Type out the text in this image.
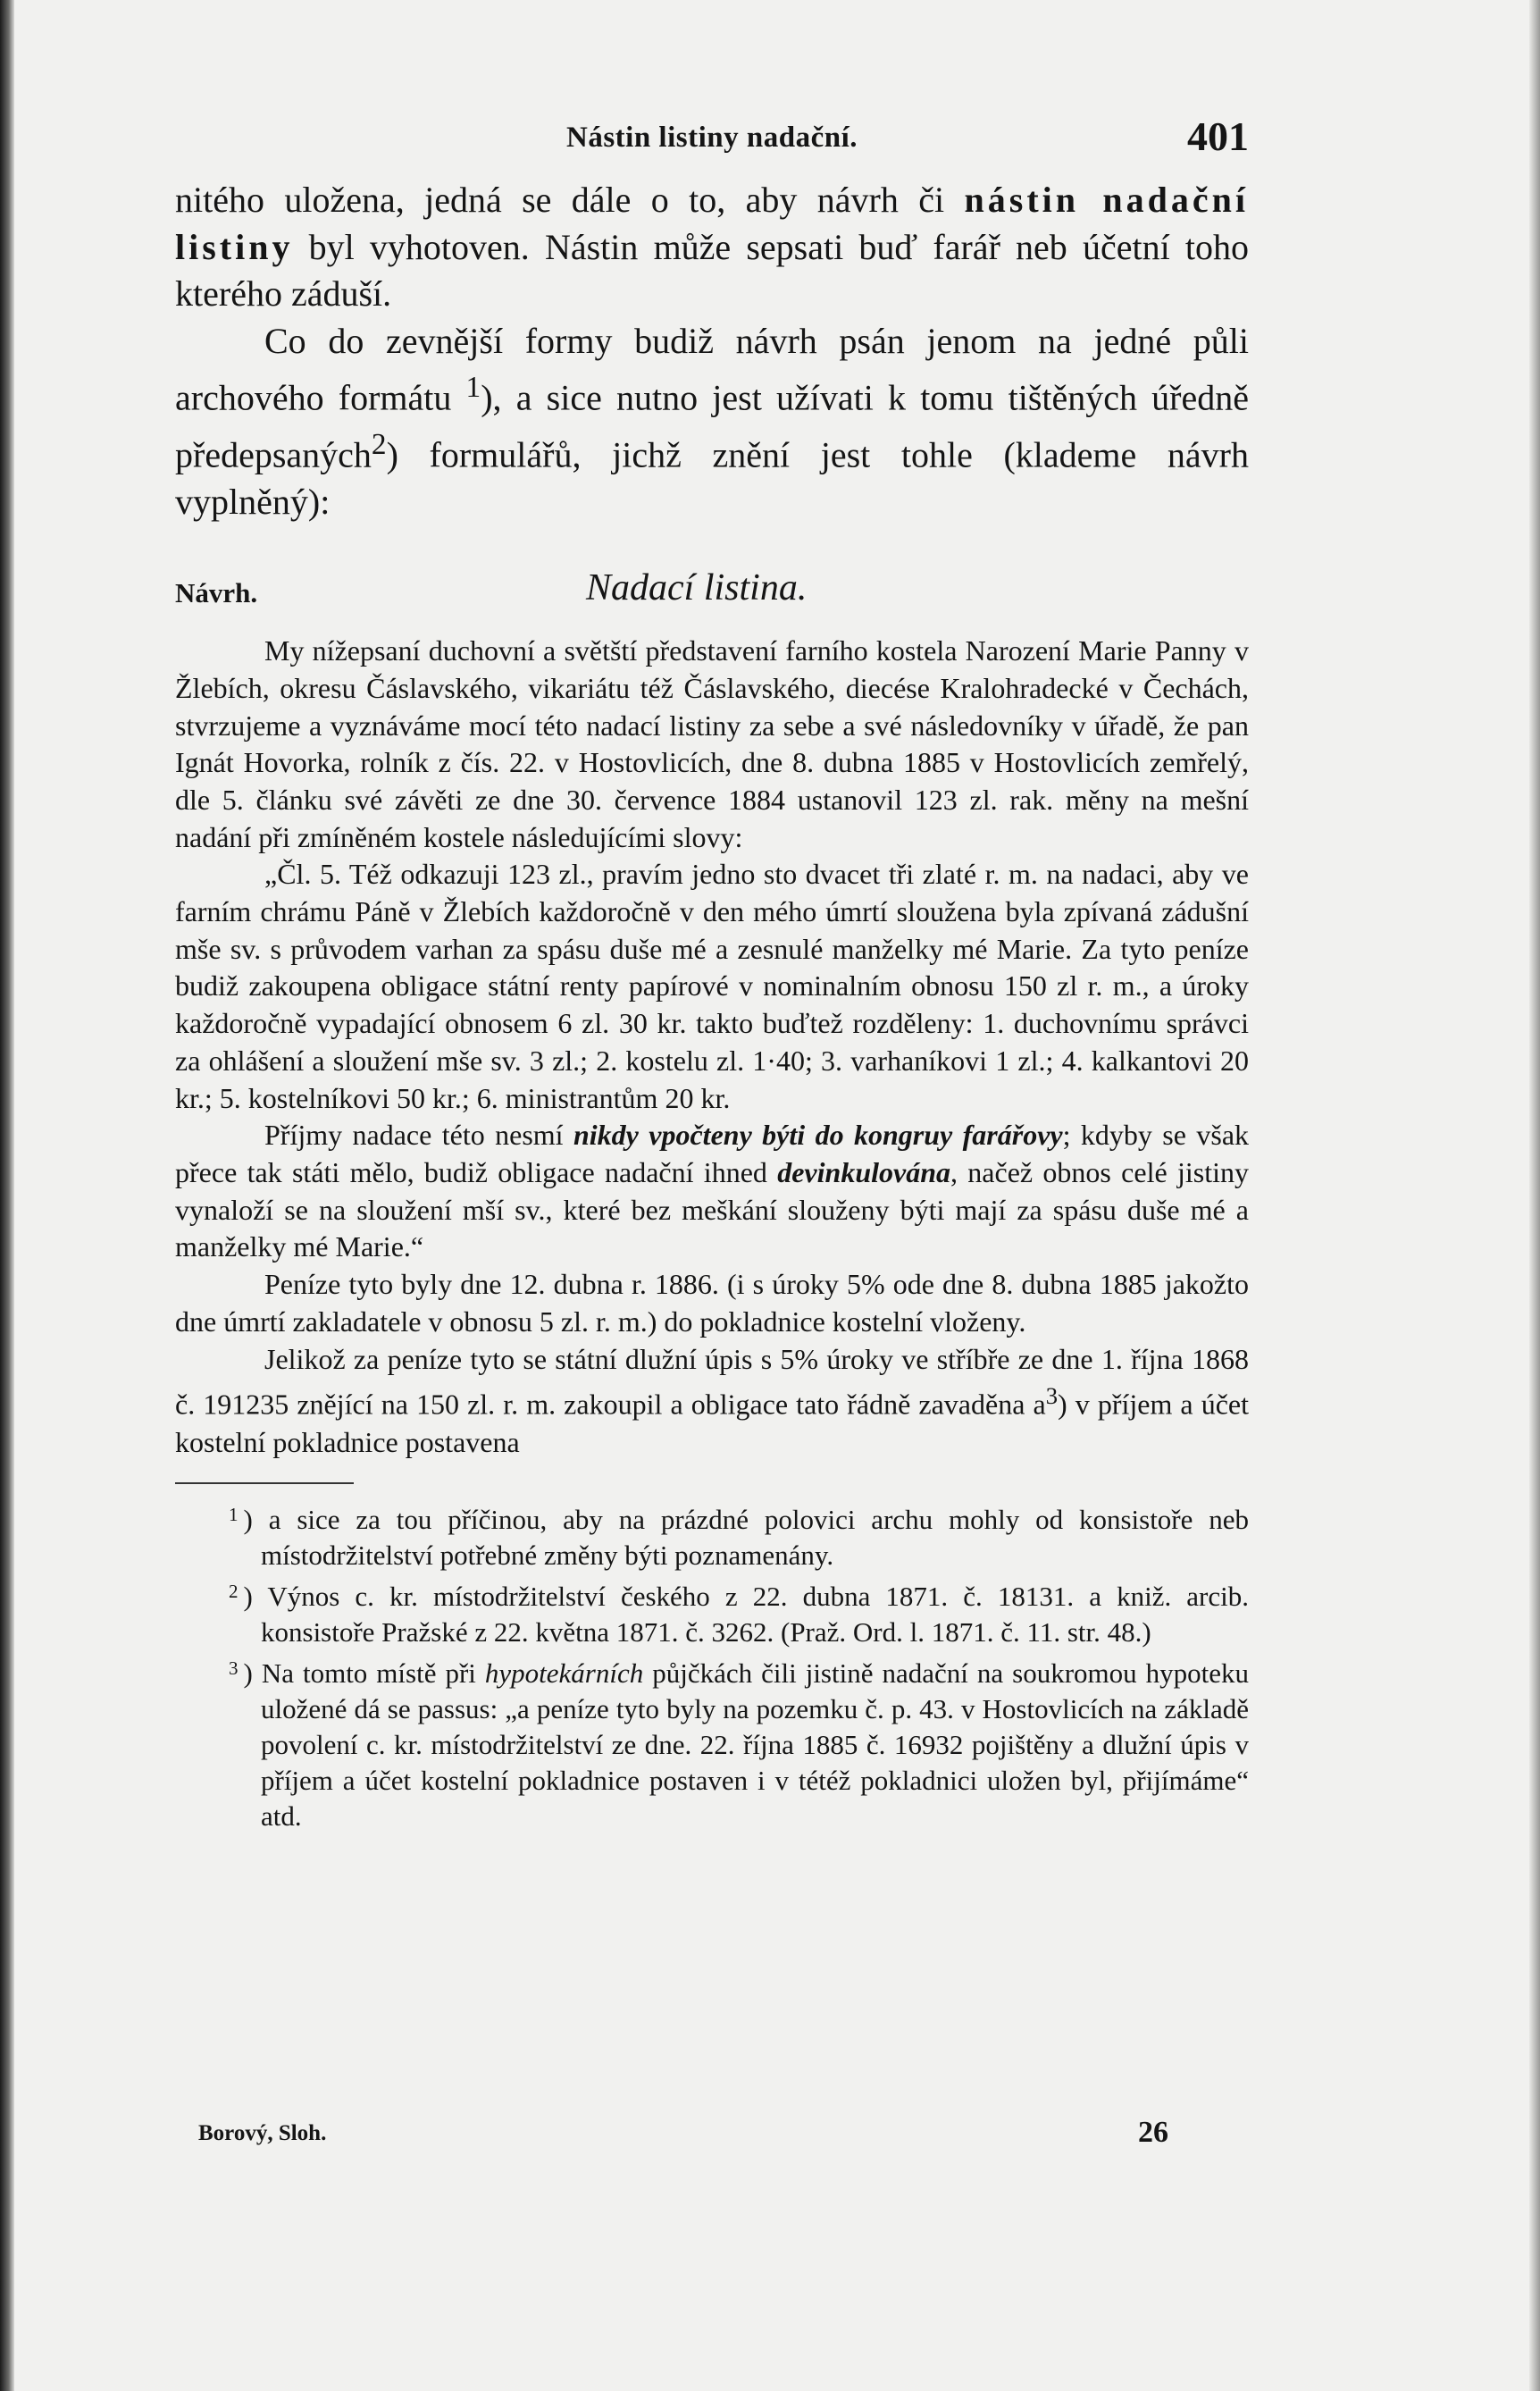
Nástin listiny nadační.	401

nitého uložena, jedná se dále o to, aby návrh či nástin nadační listiny byl vyhotoven. Nástin může sepsati buď farář neb účetní toho kterého záduší.

Co do zevnější formy budiž návrh psán jenom na jedné půli archového formátu $^1$), a sice nutno jest užívati k tomu tištěných úředně předepsaných$^2$) formulářů, jichž znění jest tohle (klademe návrh vyplněný):

Návrh.	Nadací listina.

My nížepsaní duchovní a světští představení farního kostela Narození Marie Panny v Žlebích, okresu Čáslavského, vikariátu též Čáslavského, diecése Kralohradecké v Čechách, stvrzujeme a vyznáváme mocí této nadací listiny za sebe a své následovníky v úřadě, že pan Ignát Hovorka, rolník z čís. 22. v Hostovlicích, dne 8. dubna 1885 v Hostovlicích zemřelý, dle 5. článku své závěti ze dne 30. července 1884 ustanovil 123 zl. rak. měny na mešní nadání při zmíněném kostele následujícími slovy:

„Čl. 5. Též odkazuji 123 zl., pravím jedno sto dvacet tři zlaté r. m. na nadaci, aby ve farním chrámu Páně v Žlebích každoročně v den mého úmrtí sloužena byla zpívaná zádušní mše sv. s průvodem varhan za spásu duše mé a zesnulé manželky mé Marie. Za tyto peníze budiž zakoupena obligace státní renty papírové v nominalním obnosu 150 zl r. m., a úroky každoročně vypadající obnosem 6 zl. 30 kr. takto buďtež rozděleny: 1. duchovnímu správci za ohlášení a sloužení mše sv. 3 zl.; 2. kostelu zl. 1·40; 3. varhaníkovi 1 zl.; 4. kalkantovi 20 kr.; 5. kostelníkovi 50 kr.; 6. ministrantům 20 kr.

Příjmy nadace této nesmí nikdy vpočteny býti do kongruy farářovy; kdyby se však přece tak státi mělo, budiž obligace nadační ihned devinkulována, načež obnos celé jistiny vynaloží se na sloužení mší sv., které bez meškání slouženy býti mají za spásu duše mé a manželky mé Marie.“

Peníze tyto byly dne 12. dubna r. 1886. (i s úroky 5% ode dne 8. dubna 1885 jakožto dne úmrtí zakladatele v obnosu 5 zl. r. m.) do pokladnice kostelní vloženy.

Jelikož za peníze tyto se státní dlužní úpis s 5% úroky ve stříbře ze dne 1. října 1868 č. 191235 znějící na 150 zl. r. m. zakoupil a obligace tato řádně zavaděna $a^3$) v příjem a účet kostelní pokladnice postavena

$^1$ ) a sice za tou příčinou, aby na prázdné polovici archu mohly od konsistoře neb místodržitelství potřebné změny býti poznamenány.

$^2$ ) Výnos c. kr. místodržitelství českého z 22. dubna 1871. č. 18131. a kniž. arcib. konsistoře Pražské z 22. května 1871. č. 3262. (Praž. Ord. l. 1871. č. 11. str. 48.)

$^3$ ) Na tomto místě při hypotekárních půjčkách čili jistině nadační na soukromou hypoteku uložené dá se passus: „a peníze tyto byly na pozemku č. p. 43. v Hostovlicích na základě povolení c. kr. místodržitelství ze dne. 22. října 1885 č. 16932 pojištěny a dlužní úpis v příjem a účet kostelní pokladnice postaven i v tétéž pokladnici uložen byl, přijímáme“ atd.

Borový, Sloh.	26
